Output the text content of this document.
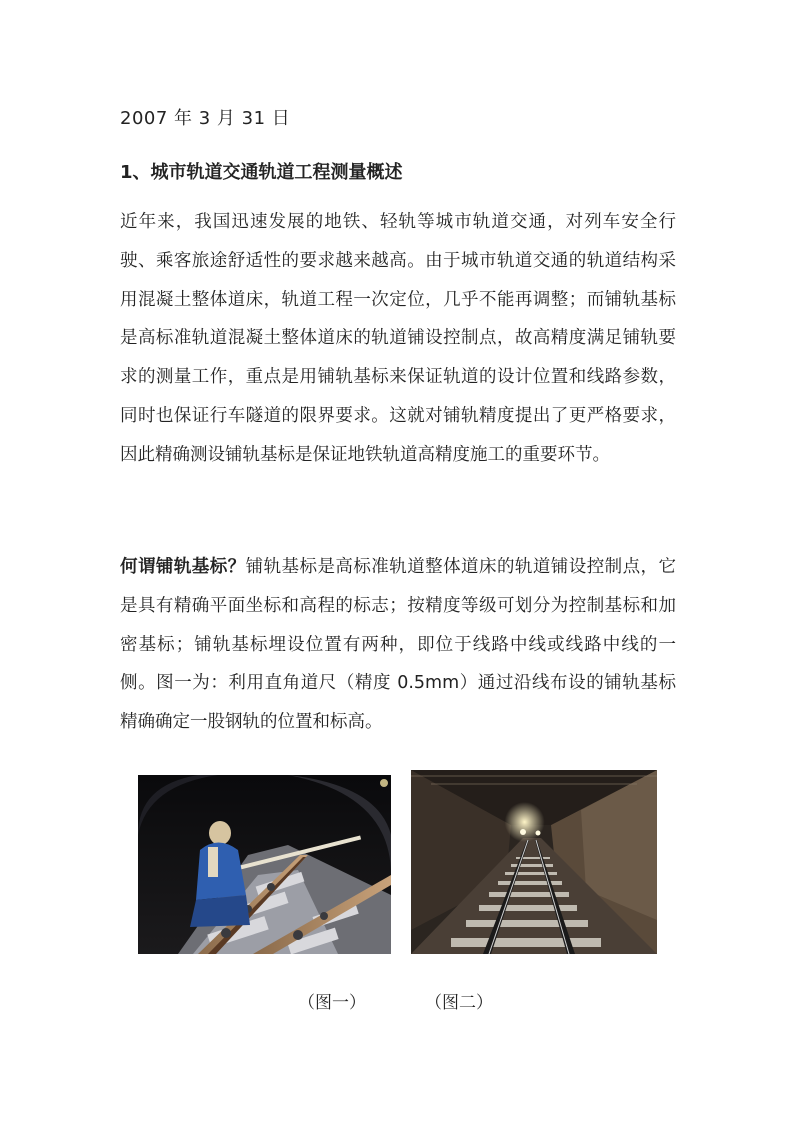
2007 年 3 月 31 日
1、城市轨道交通轨道工程测量概述

近年来，我国迅速发展的地铁、轻轨等城市轨道交通，对列车安全行驶、乘客旅途舒适性的要求越来越高。由于城市轨道交通的轨道结构采用混凝土整体道床，轨道工程一次定位，几乎不能再调整；而铺轨基标是高标准轨道混凝土整体道床的轨道铺设控制点，故高精度满足铺轨要求的测量工作，重点是用铺轨基标来保证轨道的设计位置和线路参数，同时也保证行车隧道的限界要求。这就对铺轨精度提出了更严格要求，因此精确测设铺轨基标是保证地铁轨道高精度施工的重要环节。

何谓铺轨基标？铺轨基标是高标准轨道整体道床的轨道铺设控制点，它是具有精确平面坐标和高程的标志；按精度等级可划分为控制基标和加密基标；铺轨基标埋设位置有两种，即位于线路中线或线路中线的一侧。图一为：利用直角道尺（精度 0.5mm）通过沿线布设的铺轨基标精确确定一股钢轨的位置和标高。

（图一）	（图二）
